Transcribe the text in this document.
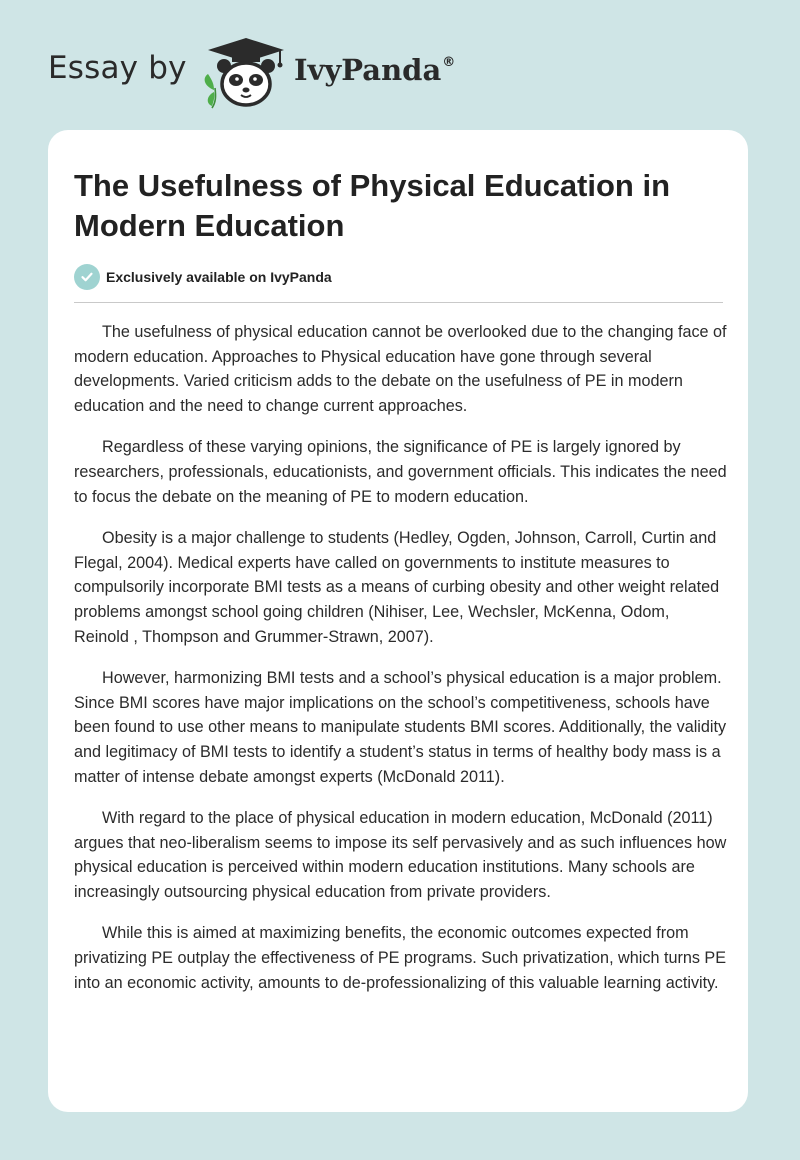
Essay by	IvyPanda®
The Usefulness of Physical Education in Modern Education
Exclusively available on IvyPanda

The usefulness of physical education cannot be overlooked due to the changing face of modern education. Approaches to Physical education have gone through several developments. Varied criticism adds to the debate on the usefulness of PE in modern education and the need to change current approaches.

Regardless of these varying opinions, the significance of PE is largely ignored by researchers, professionals, educationists, and government officials. This indicates the need to focus the debate on the meaning of PE to modern education.

Obesity is a major challenge to students (Hedley, Ogden, Johnson, Carroll, Curtin and Flegal, 2004). Medical experts have called on governments to institute measures to compulsorily incorporate BMI tests as a means of curbing obesity and other weight related problems amongst school going children (Nihiser, Lee, Wechsler, McKenna, Odom, Reinold , Thompson and Grummer-Strawn, 2007).

However, harmonizing BMI tests and a school’s physical education is a major problem. Since BMI scores have major implications on the school’s competitiveness, schools have been found to use other means to manipulate students BMI scores. Additionally, the validity and legitimacy of BMI tests to identify a student’s status in terms of healthy body mass is a matter of intense debate amongst experts (McDonald 2011).

With regard to the place of physical education in modern education, McDonald (2011) argues that neo-liberalism seems to impose its self pervasively and as such influences how physical education is perceived within modern education institutions. Many schools are increasingly outsourcing physical education from private providers.

While this is aimed at maximizing benefits, the economic outcomes expected from privatizing PE outplay the effectiveness of PE programs. Such privatization, which turns PE into an economic activity, amounts to de-professionalizing of this valuable learning activity.
